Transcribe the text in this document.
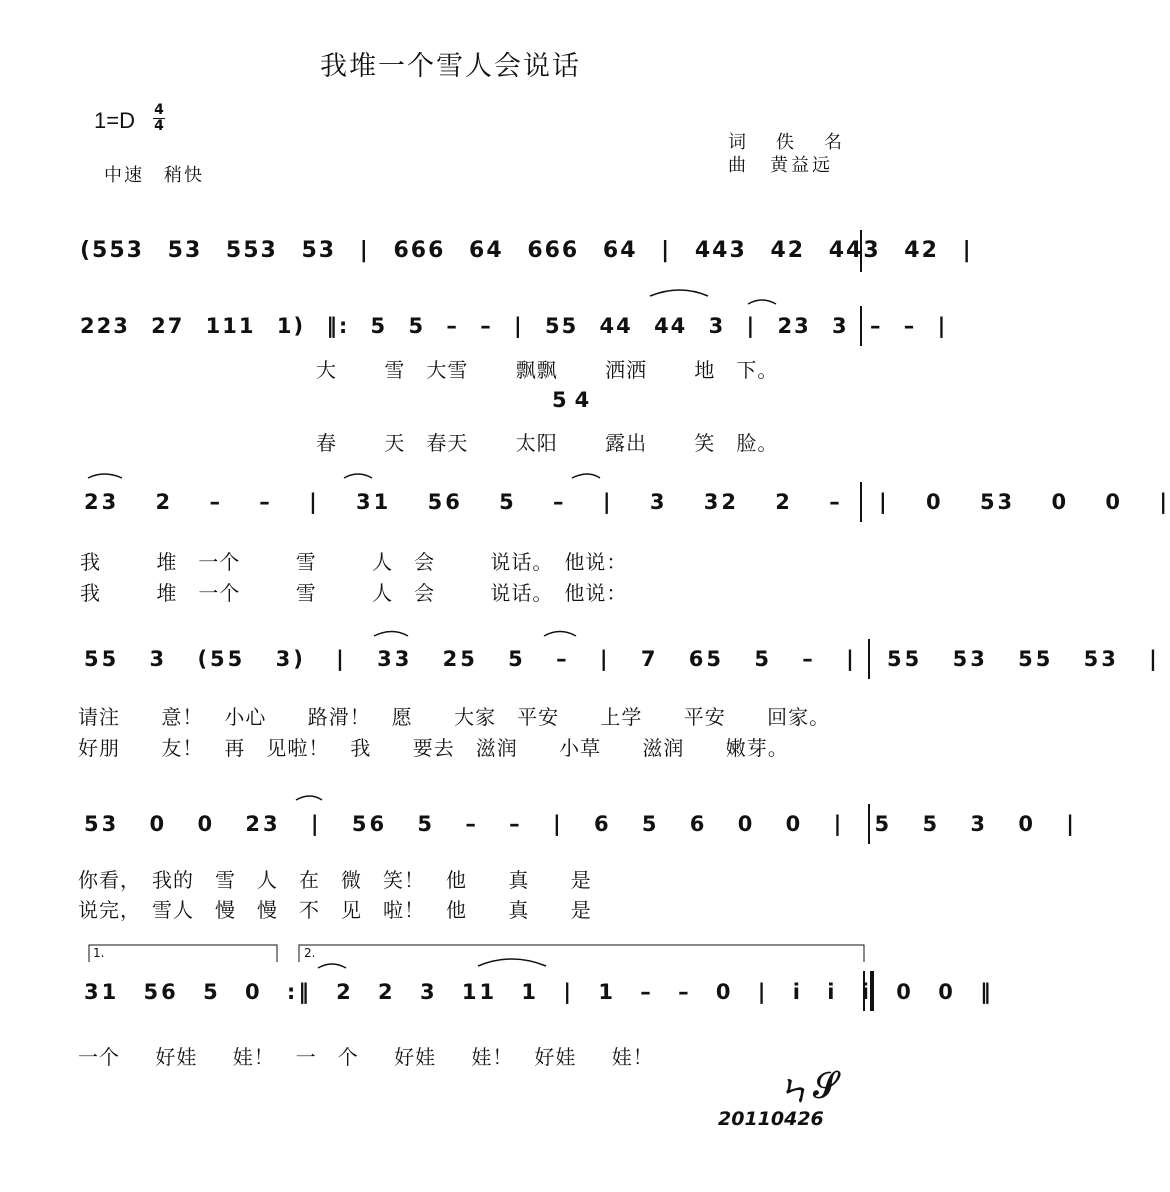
我堆一个雪人会说话
1=D 4
4
中速　稍快
词　佚　名
曲　黄益远
(553 53 553 53 | 666 64 666 64 | 443 42 443 42 |
223 27 111 1) ‖: 5 5 – – | 55 44 44 3 | 23 3 – – |
大 雪　大雪 飘飘 洒洒 地　下。
54
春 天　春天 太阳 露出 笑　脸。
23 2 – – | 31 56 5 – | 3 32 2 – | 0 53 0 0 |
我 堆　一个 雪 人　会 说话。　他说：
我 堆　一个 雪 人　会 说话。　他说：
55 3 (55 3) | 33 25 5 – | 7 65 5 – | 55 53 55 53 |
请注 意！　小心 路滑！　愿 大家　平安 上学 平安 回家。
好朋 友！　再　见啦！　我 要去　滋润 小草 滋润 嫩芽。
53 0 0 23 | 56 5 – – | 6 5 6 0 0 | 5 5 3 0 |
你看，　我的　雪　人　在　微　笑！　他 真 是
说完，　雪人　慢　慢　不　见　啦！　他 真 是
1.	2.
31 56 5 0 :‖ 2 2 3 11 1 | 1 – – 0 | i i i 0 0 ‖
一个 好娃 娃！　一　个 好娃 娃！　好娃 娃！
ㄣ𝒮
20110426
